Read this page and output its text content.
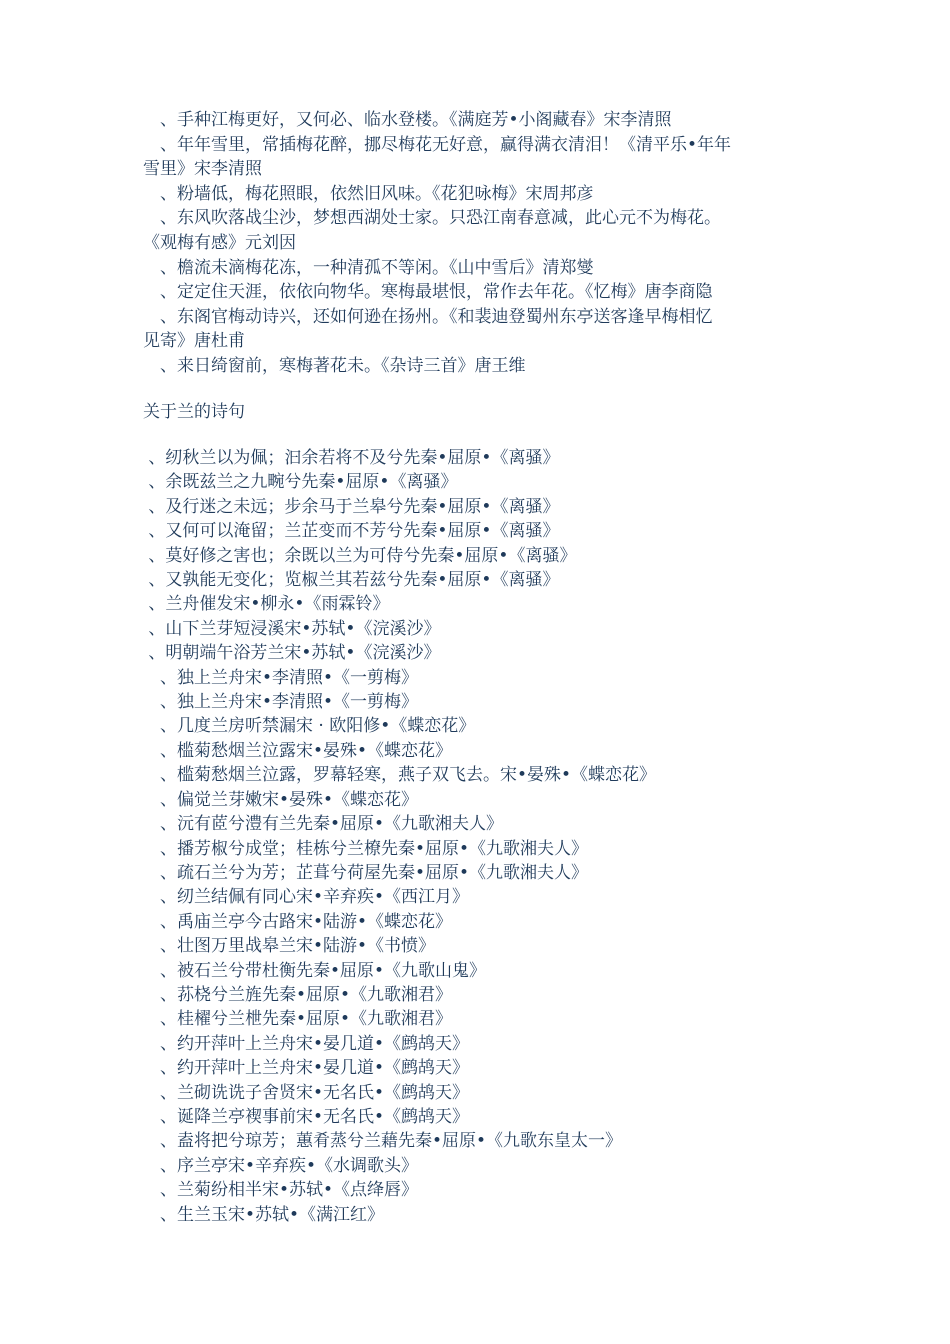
　、手种江梅更好，又何必、临水登楼。《满庭芳•小阁藏春》宋李清照

　、年年雪里，常插梅花醉，挪尽梅花无好意，赢得满衣清泪！《清平乐•年年

雪里》宋李清照

　、粉墙低，梅花照眼，依然旧风味。《花犯咏梅》宋周邦彦

　、东风吹落战尘沙，梦想西湖处士家。只恐江南春意减，此心元不为梅花。

《观梅有感》元刘因

　、檐流未滴梅花冻，一种清孤不等闲。《山中雪后》清郑燮

　、定定住天涯，依依向物华。寒梅最堪恨，常作去年花。《忆梅》唐李商隐

　、东阁官梅动诗兴，还如何逊在扬州。《和裴迪登蜀州东亭送客逢早梅相忆

见寄》唐杜甫

　、来日绮窗前，寒梅著花未。《杂诗三首》唐王维

关于兰的诗句

、纫秋兰以为佩；汩余若将不及兮先秦•屈原•《离骚》

、余既兹兰之九畹兮先秦•屈原•《离骚》

、及行迷之未远；步余马于兰皋兮先秦•屈原•《离骚》

、又何可以淹留；兰芷变而不芳兮先秦•屈原•《离骚》

、莫好修之害也；余既以兰为可侍兮先秦•屈原•《离骚》

、又孰能无变化；览椒兰其若兹兮先秦•屈原•《离骚》

、兰舟催发宋•柳永•《雨霖铃》

、山下兰芽短浸溪宋•苏轼•《浣溪沙》

、明朝端午浴芳兰宋•苏轼•《浣溪沙》

　、独上兰舟宋•李清照•《一剪梅》

　、独上兰舟宋•李清照•《一剪梅》

　、几度兰房听禁漏宋 · 欧阳修•《蝶恋花》

　、槛菊愁烟兰泣露宋•晏殊•《蝶恋花》

　、槛菊愁烟兰泣露，罗幕轻寒，燕子双飞去。宋•晏殊•《蝶恋花》

　、偏觉兰芽嫩宋•晏殊•《蝶恋花》

　、沅有茝兮澧有兰先秦•屈原•《九歌湘夫人》

　、播芳椒兮成堂；桂栋兮兰橑先秦•屈原•《九歌湘夫人》

　、疏石兰兮为芳；芷葺兮荷屋先秦•屈原•《九歌湘夫人》

　、纫兰结佩有同心宋•辛弃疾•《西江月》

　、禹庙兰亭今古路宋•陆游•《蝶恋花》

　、壮图万里战皋兰宋•陆游•《书愤》

　、被石兰兮带杜衡先秦•屈原•《九歌山鬼》

　、荪桡兮兰旌先秦•屈原•《九歌湘君》

　、桂櫂兮兰枻先秦•屈原•《九歌湘君》

　、约开萍叶上兰舟宋•晏几道•《鹧鸪天》

　、约开萍叶上兰舟宋•晏几道•《鹧鸪天》

　、兰砌诜诜子舍贤宋•无名氏•《鹧鸪天》

　、诞降兰亭褉事前宋•无名氏•《鹧鸪天》

　、盍将把兮琼芳；蕙肴蒸兮兰藉先秦•屈原•《九歌东皇太一》

　、序兰亭宋•辛弃疾•《水调歌头》

　、兰菊纷相半宋•苏轼•《点绛唇》

　、生兰玉宋•苏轼•《满江红》
